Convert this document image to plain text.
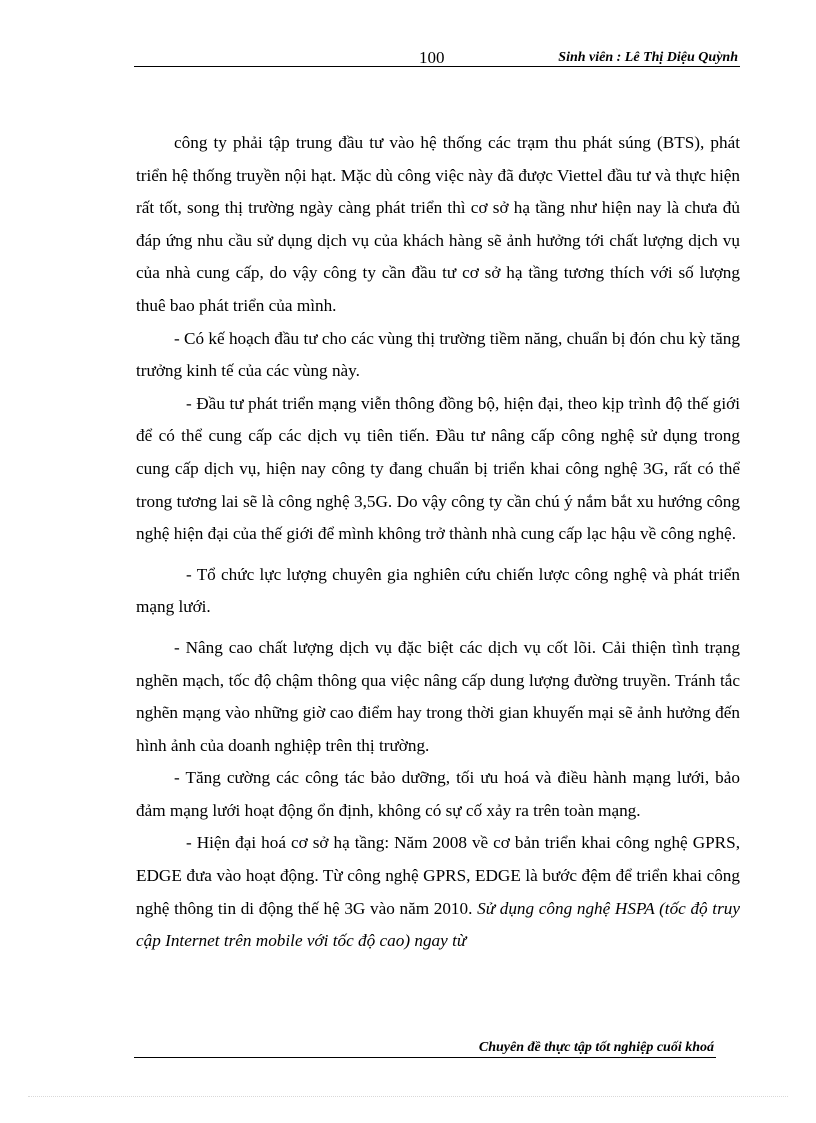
100	Sinh viên : Lê Thị Diệu Quỳnh

công ty phải tập trung đầu tư vào hệ thống các trạm thu phát súng (BTS), phát triển hệ thống truyền nội hạt. Mặc dù công việc này đã được Viettel đầu tư và thực hiện rất tốt, song thị trường ngày càng phát triển thì cơ sở hạ tầng như hiện nay là chưa đủ đáp ứng nhu cầu sử dụng dịch vụ của khách hàng sẽ ảnh hưởng tới chất lượng dịch vụ của nhà cung cấp, do vậy công ty cần đầu tư cơ sở hạ tầng tương thích với số lượng thuê bao phát triển của mình.

- Có kế hoạch đầu tư cho các vùng thị trường tiềm năng, chuẩn bị đón chu kỳ tăng trưởng kinh tế của các vùng này.

- Đầu tư phát triển mạng viễn thông đồng bộ, hiện đại, theo kịp trình độ thế giới để có thể cung cấp các dịch vụ tiên tiến. Đầu tư nâng cấp công nghệ sử dụng trong cung cấp dịch vụ, hiện nay công ty đang chuẩn bị triển khai công nghệ 3G, rất có thể trong tương lai sẽ là công nghệ 3,5G. Do vậy công ty cần chú ý nắm bắt xu hướng công nghệ hiện đại của thế giới để mình không trở thành nhà cung cấp lạc hậu về công nghệ.

- Tổ chức lực lượng chuyên gia nghiên cứu chiến lược công nghệ và phát triển mạng lưới.

- Nâng cao chất lượng dịch vụ đặc biệt các dịch vụ cốt lõi. Cải thiện tình trạng nghẽn mạch, tốc độ chậm thông qua việc nâng cấp dung lượng đường truyền. Tránh tắc nghẽn mạng vào những giờ cao điểm hay trong thời gian khuyến mại sẽ ảnh hưởng đến hình ảnh của doanh nghiệp trên thị trường.

- Tăng cường các công tác bảo dưỡng, tối ưu hoá và điều hành mạng lưới, bảo đảm mạng lưới hoạt động ổn định, không có sự cố xảy ra trên toàn mạng.

- Hiện đại hoá cơ sở hạ tầng: Năm 2008 về cơ bản triển khai công nghệ GPRS, EDGE đưa vào hoạt động. Từ công nghệ GPRS, EDGE là bước đệm để triển khai công nghệ thông tin di động thế hệ 3G vào năm 2010. Sử dụng công nghệ HSPA (tốc độ truy cập Internet trên mobile với tốc độ cao) ngay từ

Chuyên đề thực tập tốt nghiệp cuối khoá
